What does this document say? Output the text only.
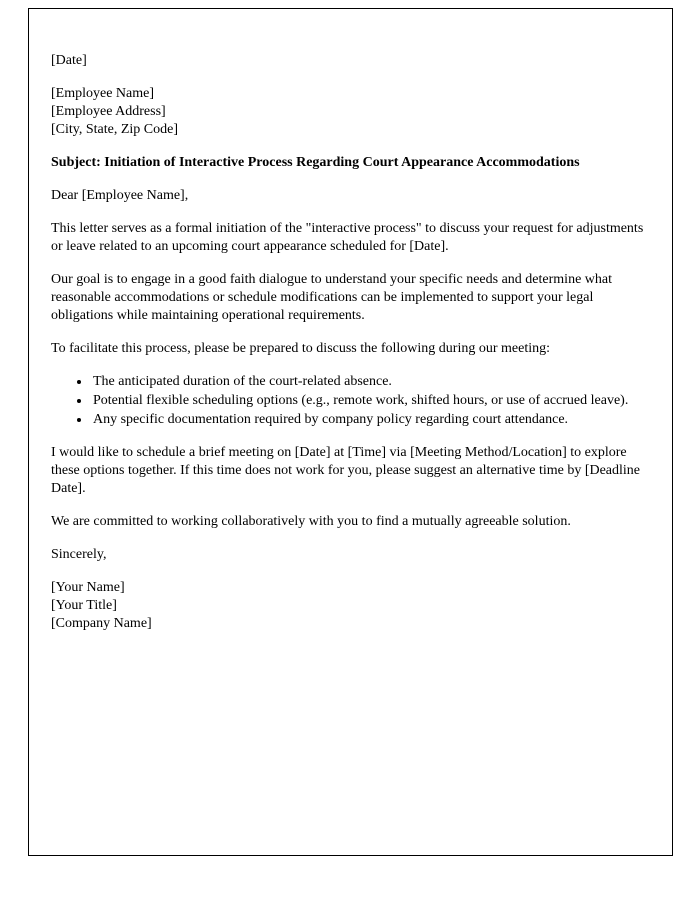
[Date]

[Employee Name]

[Employee Address]

[City, State, Zip Code]

Subject: Initiation of Interactive Process Regarding Court Appearance Accommodations

Dear [Employee Name],

This letter serves as a formal initiation of the "interactive process" to discuss your request for adjustments or leave related to an upcoming court appearance scheduled for [Date].

Our goal is to engage in a good faith dialogue to understand your specific needs and determine what reasonable accommodations or schedule modifications can be implemented to support your legal obligations while maintaining operational requirements.

To facilitate this process, please be prepared to discuss the following during our meeting:

• The anticipated duration of the court-related absence.
• Potential flexible scheduling options (e.g., remote work, shifted hours, or use of accrued leave).
• Any specific documentation required by company policy regarding court attendance.

I would like to schedule a brief meeting on [Date] at [Time] via [Meeting Method/Location] to explore these options together. If this time does not work for you, please suggest an alternative time by [Deadline Date].

We are committed to working collaboratively with you to find a mutually agreeable solution.

Sincerely,

[Your Name]

[Your Title]

[Company Name]
